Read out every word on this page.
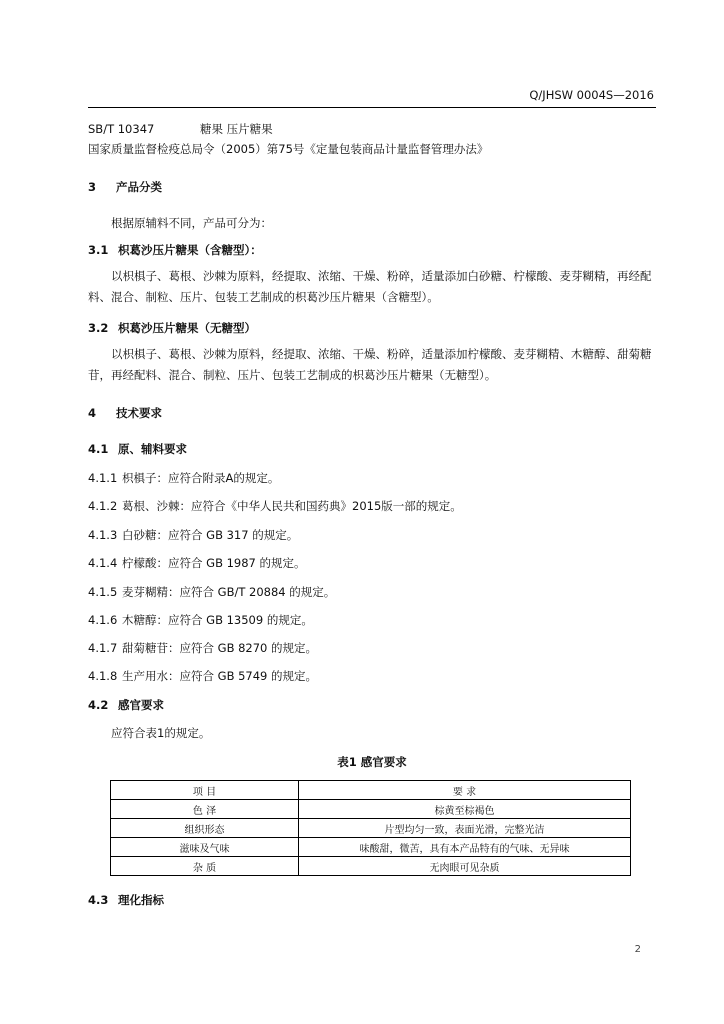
Q/JHSW 0004S—2016
SB/T 10347	糖果 压片糖果
国家质量监督检疫总局令（2005）第75号《定量包装商品计量监督管理办法》
3 产品分类
根据原辅料不同，产品可分为：
3.1 枳葛沙压片糖果（含糖型）：
以枳椇子、葛根、沙棘为原料，经提取、浓缩、干燥、粉碎，适量添加白砂糖、柠檬酸、麦芽糊精，再经配料、混合、制粒、压片、包装工艺制成的枳葛沙压片糖果（含糖型）。
3.2 枳葛沙压片糖果（无糖型）
以枳椇子、葛根、沙棘为原料，经提取、浓缩、干燥、粉碎，适量添加柠檬酸、麦芽糊精、木糖醇、甜菊糖苷，再经配料、混合、制粒、压片、包装工艺制成的枳葛沙压片糖果（无糖型）。
4 技术要求
4.1 原、辅料要求
4.1.1 枳椇子：应符合附录A的规定。
4.1.2 葛根、沙棘：应符合《中华人民共和国药典》2015版一部的规定。
4.1.3 白砂糖：应符合 GB 317 的规定。
4.1.4 柠檬酸：应符合 GB 1987 的规定。
4.1.5 麦芽糊精：应符合 GB/T 20884 的规定。
4.1.6 木糖醇：应符合 GB 13509 的规定。
4.1.7 甜菊糖苷：应符合 GB 8270 的规定。
4.1.8 生产用水：应符合 GB 5749 的规定。
4.2 感官要求
应符合表1的规定。
表1 感官要求
项 目	要 求
色 泽	棕黄至棕褐色
组织形态	片型均匀一致，表面光滑，完整光洁
滋味及气味	味酸甜，微苦，具有本产品特有的气味、无异味
杂 质	无肉眼可见杂质
4.3 理化指标
2
